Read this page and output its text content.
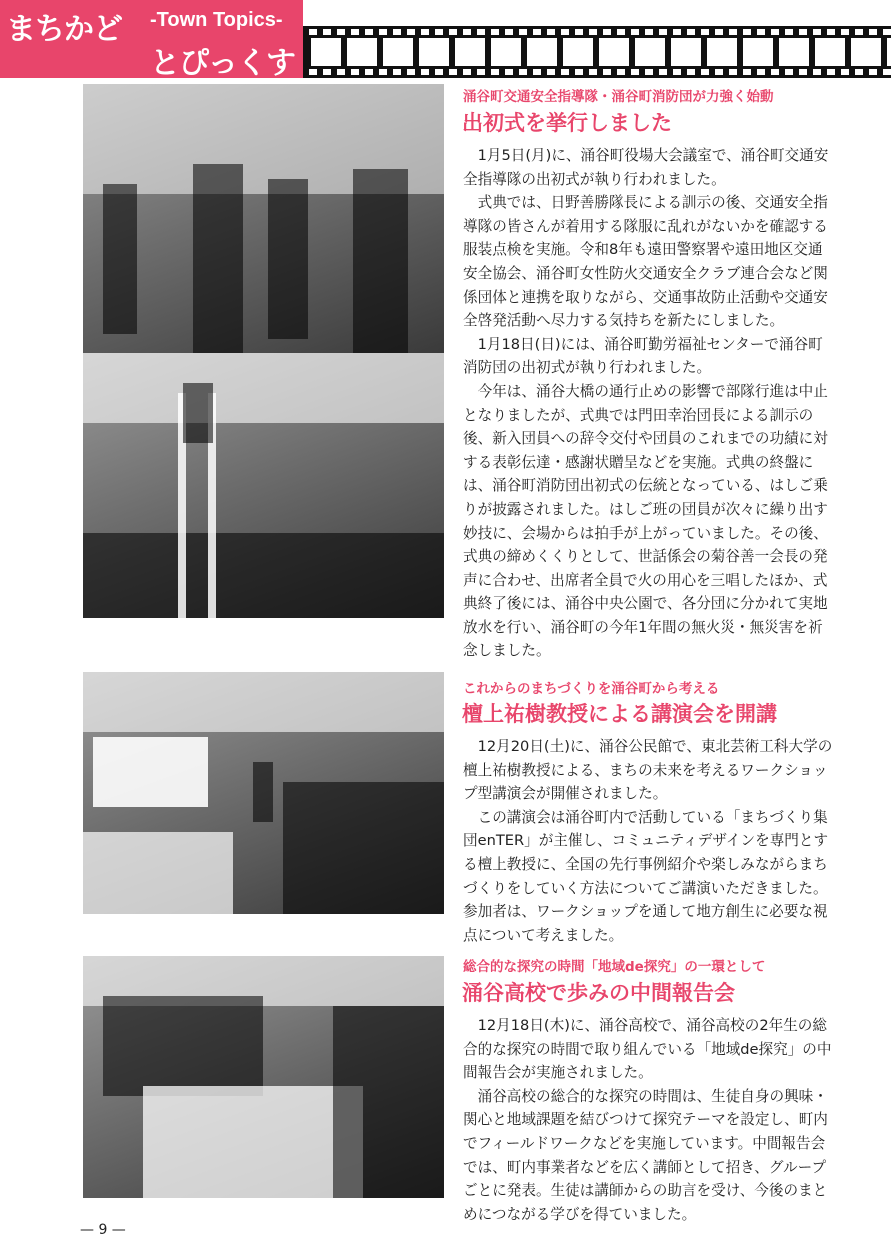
まちかど -Town Topics-
とぴっくす
涌谷町交通安全指導隊・涌谷町消防団が力強く始動
出初式を挙行しました

1月5日(月)に、涌谷町役場大会議室で、涌谷町交通安全指導隊の出初式が執り行われました。

式典では、日野善勝隊長による訓示の後、交通安全指導隊の皆さんが着用する隊服に乱れがないかを確認する服装点検を実施。令和8年も遠田警察署や遠田地区交通安全協会、涌谷町女性防火交通安全クラブ連合会など関係団体と連携を取りながら、交通事故防止活動や交通安全啓発活動へ尽力する気持ちを新たにしました。

1月18日(日)には、涌谷町勤労福祉センターで涌谷町消防団の出初式が執り行われました。

今年は、涌谷大橋の通行止めの影響で部隊行進は中止となりましたが、式典では門田幸治団長による訓示の後、新入団員への辞令交付や団員のこれまでの功績に対する表彰伝達・感謝状贈呈などを実施。式典の終盤には、涌谷町消防団出初式の伝統となっている、はしご乗りが披露されました。はしご班の団員が次々に繰り出す妙技に、会場からは拍手が上がっていました。その後、式典の締めくくりとして、世話係会の菊谷善一会長の発声に合わせ、出席者全員で火の用心を三唱したほか、式典終了後には、涌谷中央公園で、各分団に分かれて実地放水を行い、涌谷町の今年1年間の無火災・無災害を祈念しました。

これからのまちづくりを涌谷町から考える
檀上祐樹教授による講演会を開講

12月20日(土)に、涌谷公民館で、東北芸術工科大学の檀上祐樹教授による、まちの未来を考えるワークショップ型講演会が開催されました。

この講演会は涌谷町内で活動している「まちづくり集団enTER」が主催し、コミュニティデザインを専門とする檀上教授に、全国の先行事例紹介や楽しみながらまちづくりをしていく方法についてご講演いただきました。参加者は、ワークショップを通して地方創生に必要な視点について考えました。

総合的な探究の時間「地域de探究」の一環として
涌谷高校で歩みの中間報告会

12月18日(木)に、涌谷高校で、涌谷高校の2年生の総合的な探究の時間で取り組んでいる「地域de探究」の中間報告会が実施されました。

涌谷高校の総合的な探究の時間は、生徒自身の興味・関心と地域課題を結びつけて探究テーマを設定し、町内でフィールドワークなどを実施しています。中間報告会では、町内事業者などを広く講師として招き、グループごとに発表。生徒は講師からの助言を受け、今後のまとめにつながる学びを得ていました。

— 9 —
